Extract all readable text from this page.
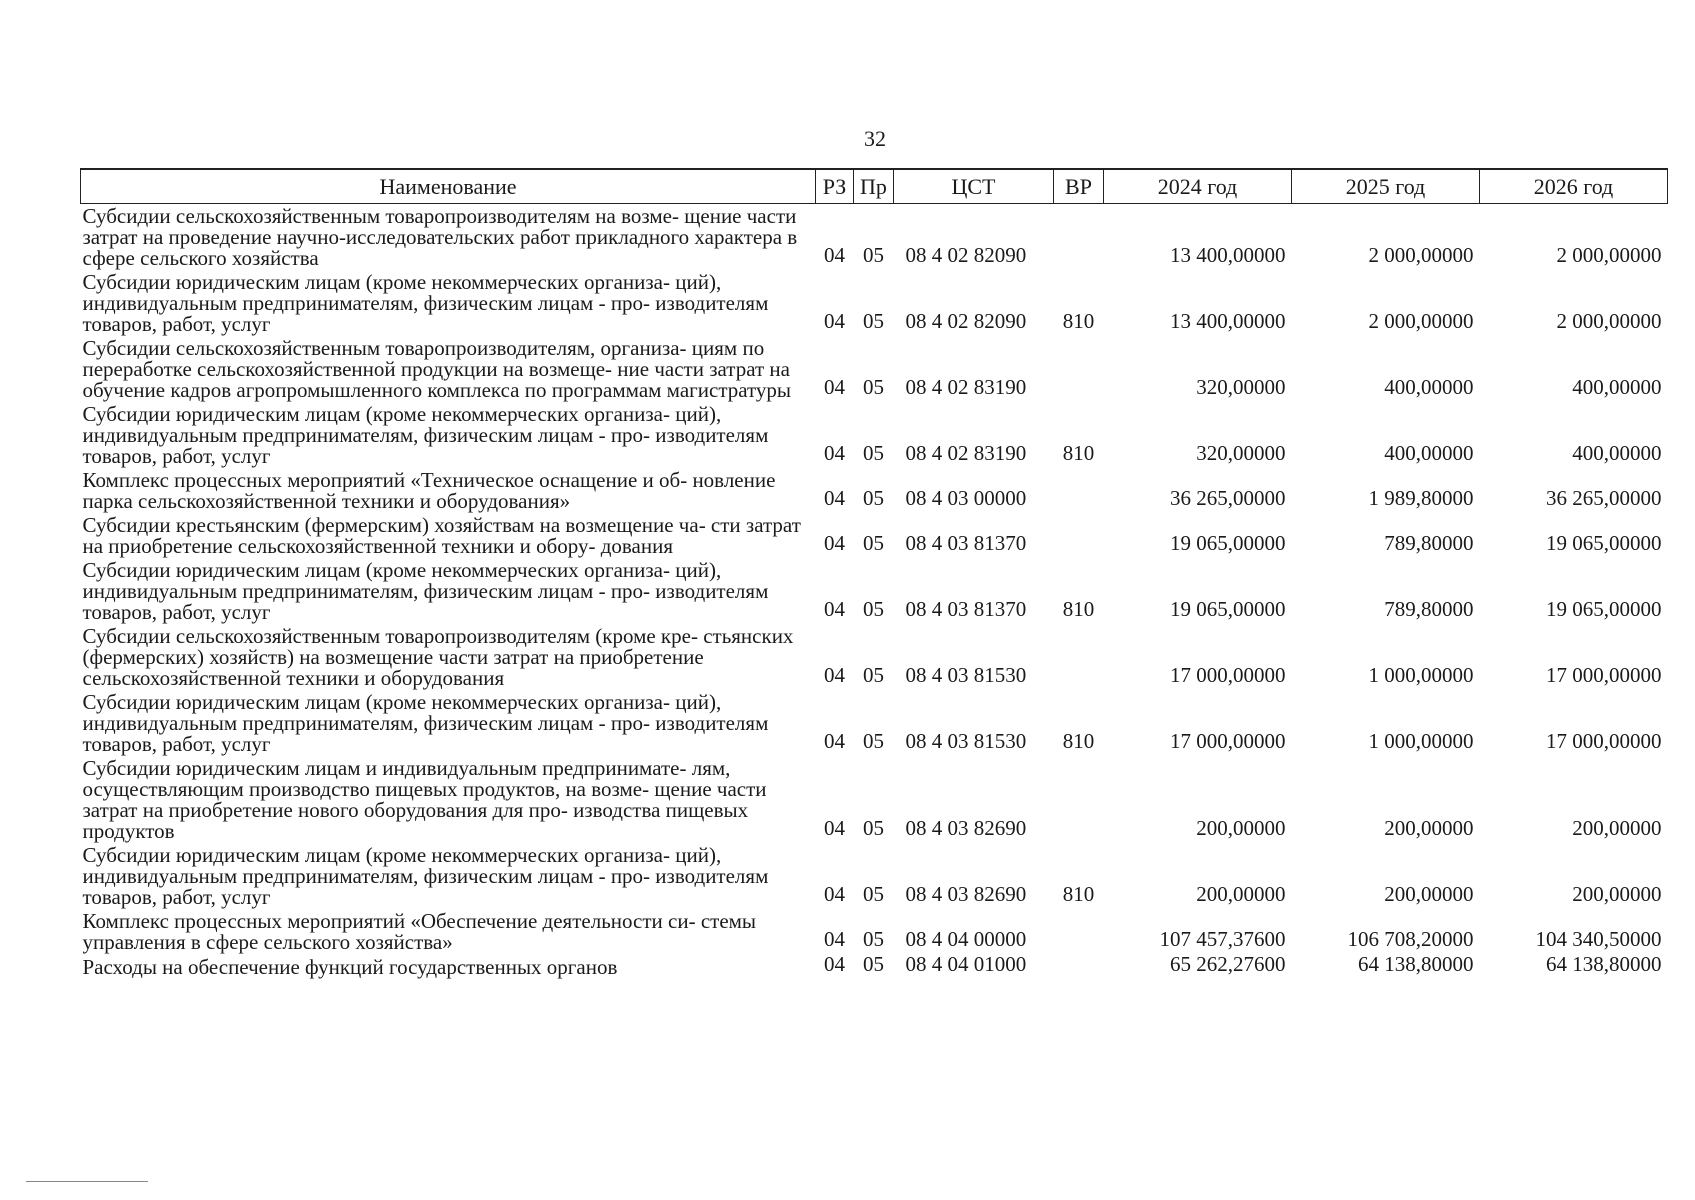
32
Наименование	РЗ	Пр	ЦСТ	ВР	2024 год	2025 год	2026 год
Субсидии сельскохозяйственным товаропроизводителям на возме- щение части затрат на проведение научно-исследовательских работ прикладного характера в сфере сельского хозяйства	04	05	08 4 02 82090		13 400,00000	2 000,00000	2 000,00000
Субсидии юридическим лицам (кроме некоммерческих организа- ций), индивидуальным предпринимателям, физическим лицам - про- изводителям товаров, работ, услуг	04	05	08 4 02 82090	810	13 400,00000	2 000,00000	2 000,00000
Субсидии сельскохозяйственным товаропроизводителям, организа- циям по переработке сельскохозяйственной продукции на возмеще- ние части затрат на обучение кадров агропромышленного комплекса по программам магистратуры	04	05	08 4 02 83190		320,00000	400,00000	400,00000
Субсидии юридическим лицам (кроме некоммерческих организа- ций), индивидуальным предпринимателям, физическим лицам - про- изводителям товаров, работ, услуг	04	05	08 4 02 83190	810	320,00000	400,00000	400,00000
Комплекс процессных мероприятий «Техническое оснащение и об- новление парка сельскохозяйственной техники и оборудования»	04	05	08 4 03 00000		36 265,00000	1 989,80000	36 265,00000
Субсидии крестьянским (фермерским) хозяйствам на возмещение ча- сти затрат на приобретение сельскохозяйственной техники и обору- дования	04	05	08 4 03 81370		19 065,00000	789,80000	19 065,00000
Субсидии юридическим лицам (кроме некоммерческих организа- ций), индивидуальным предпринимателям, физическим лицам - про- изводителям товаров, работ, услуг	04	05	08 4 03 81370	810	19 065,00000	789,80000	19 065,00000
Субсидии сельскохозяйственным товаропроизводителям (кроме кре- стьянских (фермерских) хозяйств) на возмещение части затрат на приобретение сельскохозяйственной техники и оборудования	04	05	08 4 03 81530		17 000,00000	1 000,00000	17 000,00000
Субсидии юридическим лицам (кроме некоммерческих организа- ций), индивидуальным предпринимателям, физическим лицам - про- изводителям товаров, работ, услуг	04	05	08 4 03 81530	810	17 000,00000	1 000,00000	17 000,00000
Субсидии юридическим лицам и индивидуальным предпринимате- лям, осуществляющим производство пищевых продуктов, на возме- щение части затрат на приобретение нового оборудования для про- изводства пищевых продуктов	04	05	08 4 03 82690		200,00000	200,00000	200,00000
Субсидии юридическим лицам (кроме некоммерческих организа- ций), индивидуальным предпринимателям, физическим лицам - про- изводителям товаров, работ, услуг	04	05	08 4 03 82690	810	200,00000	200,00000	200,00000
Комплекс процессных мероприятий «Обеспечение деятельности си- стемы управления в сфере сельского хозяйства»	04	05	08 4 04 00000		107 457,37600	106 708,20000	104 340,50000
Расходы на обеспечение функций государственных органов	04	05	08 4 04 01000		65 262,27600	64 138,80000	64 138,80000
